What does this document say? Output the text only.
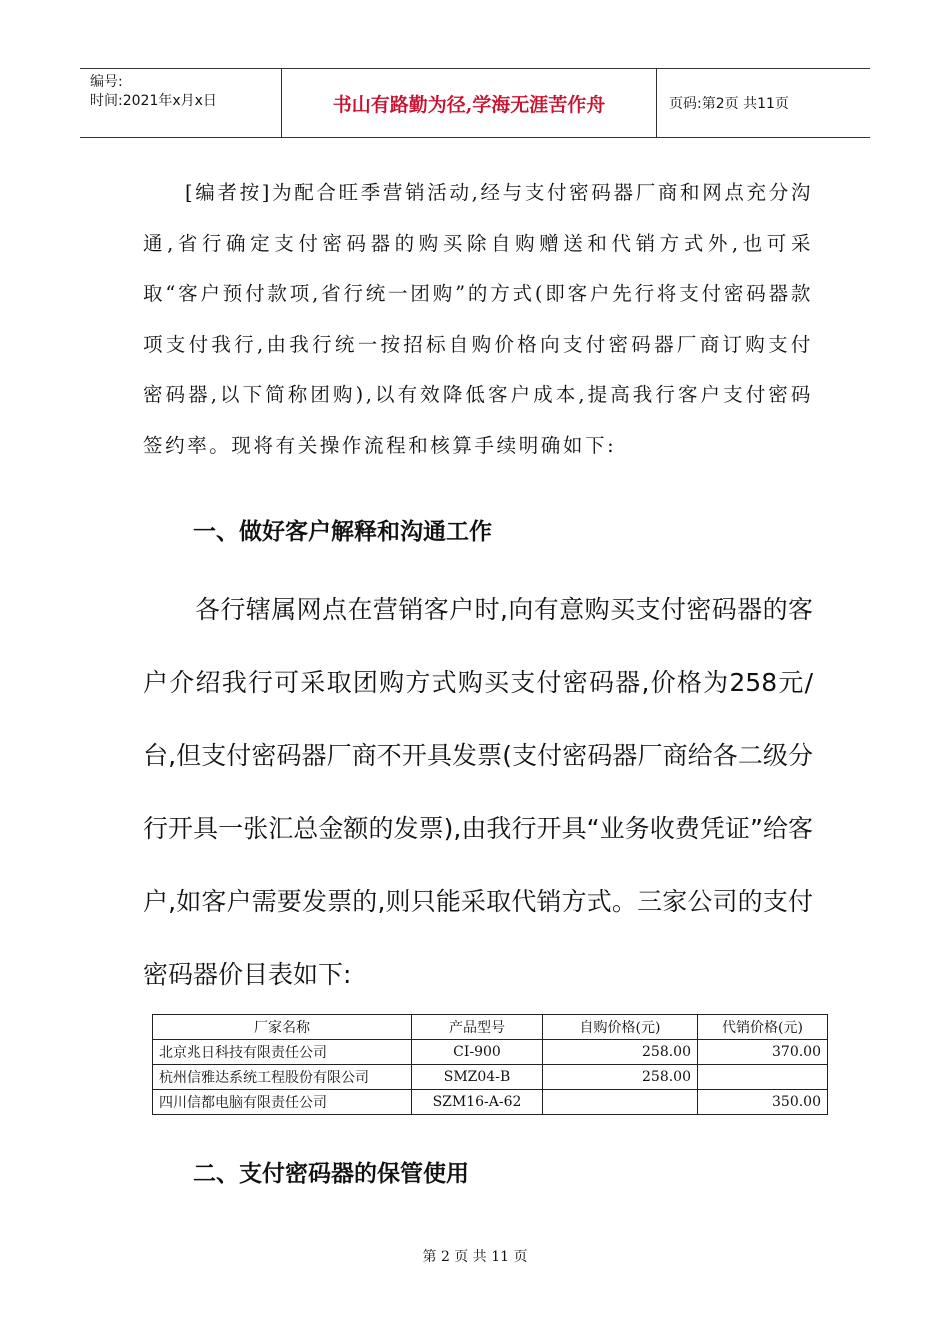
编号:
时间:2021年x月x日	书山有路勤为径,学海无涯苦作舟	页码:第2页 共11页

[编者按]为配合旺季营销活动,经与支付密码器厂商和网点充分沟通,省行确定支付密码器的购买除自购赠送和代销方式外,也可采取“客户预付款项,省行统一团购”的方式(即客户先行将支付密码器款项支付我行,由我行统一按招标自购价格向支付密码器厂商订购支付密码器,以下简称团购),以有效降低客户成本,提高我行客户支付密码签约率。现将有关操作流程和核算手续明确如下:

一、做好客户解释和沟通工作

各行辖属网点在营销客户时,向有意购买支付密码器的客户介绍我行可采取团购方式购买支付密码器,价格为258元/台,但支付密码器厂商不开具发票(支付密码器厂商给各二级分行开具一张汇总金额的发票),由我行开具“业务收费凭证”给客户,如客户需要发票的,则只能采取代销方式。三家公司的支付密码器价目表如下:

厂家名称	产品型号	自购价格(元)	代销价格(元)
北京兆日科技有限责任公司	CI-900	258.00	370.00
杭州信雅达系统工程股份有限公司	SMZ04-B	258.00	
四川信都电脑有限责任公司	SZM16-A-62		350.00
二、支付密码器的保管使用
第 2 页 共 11 页
